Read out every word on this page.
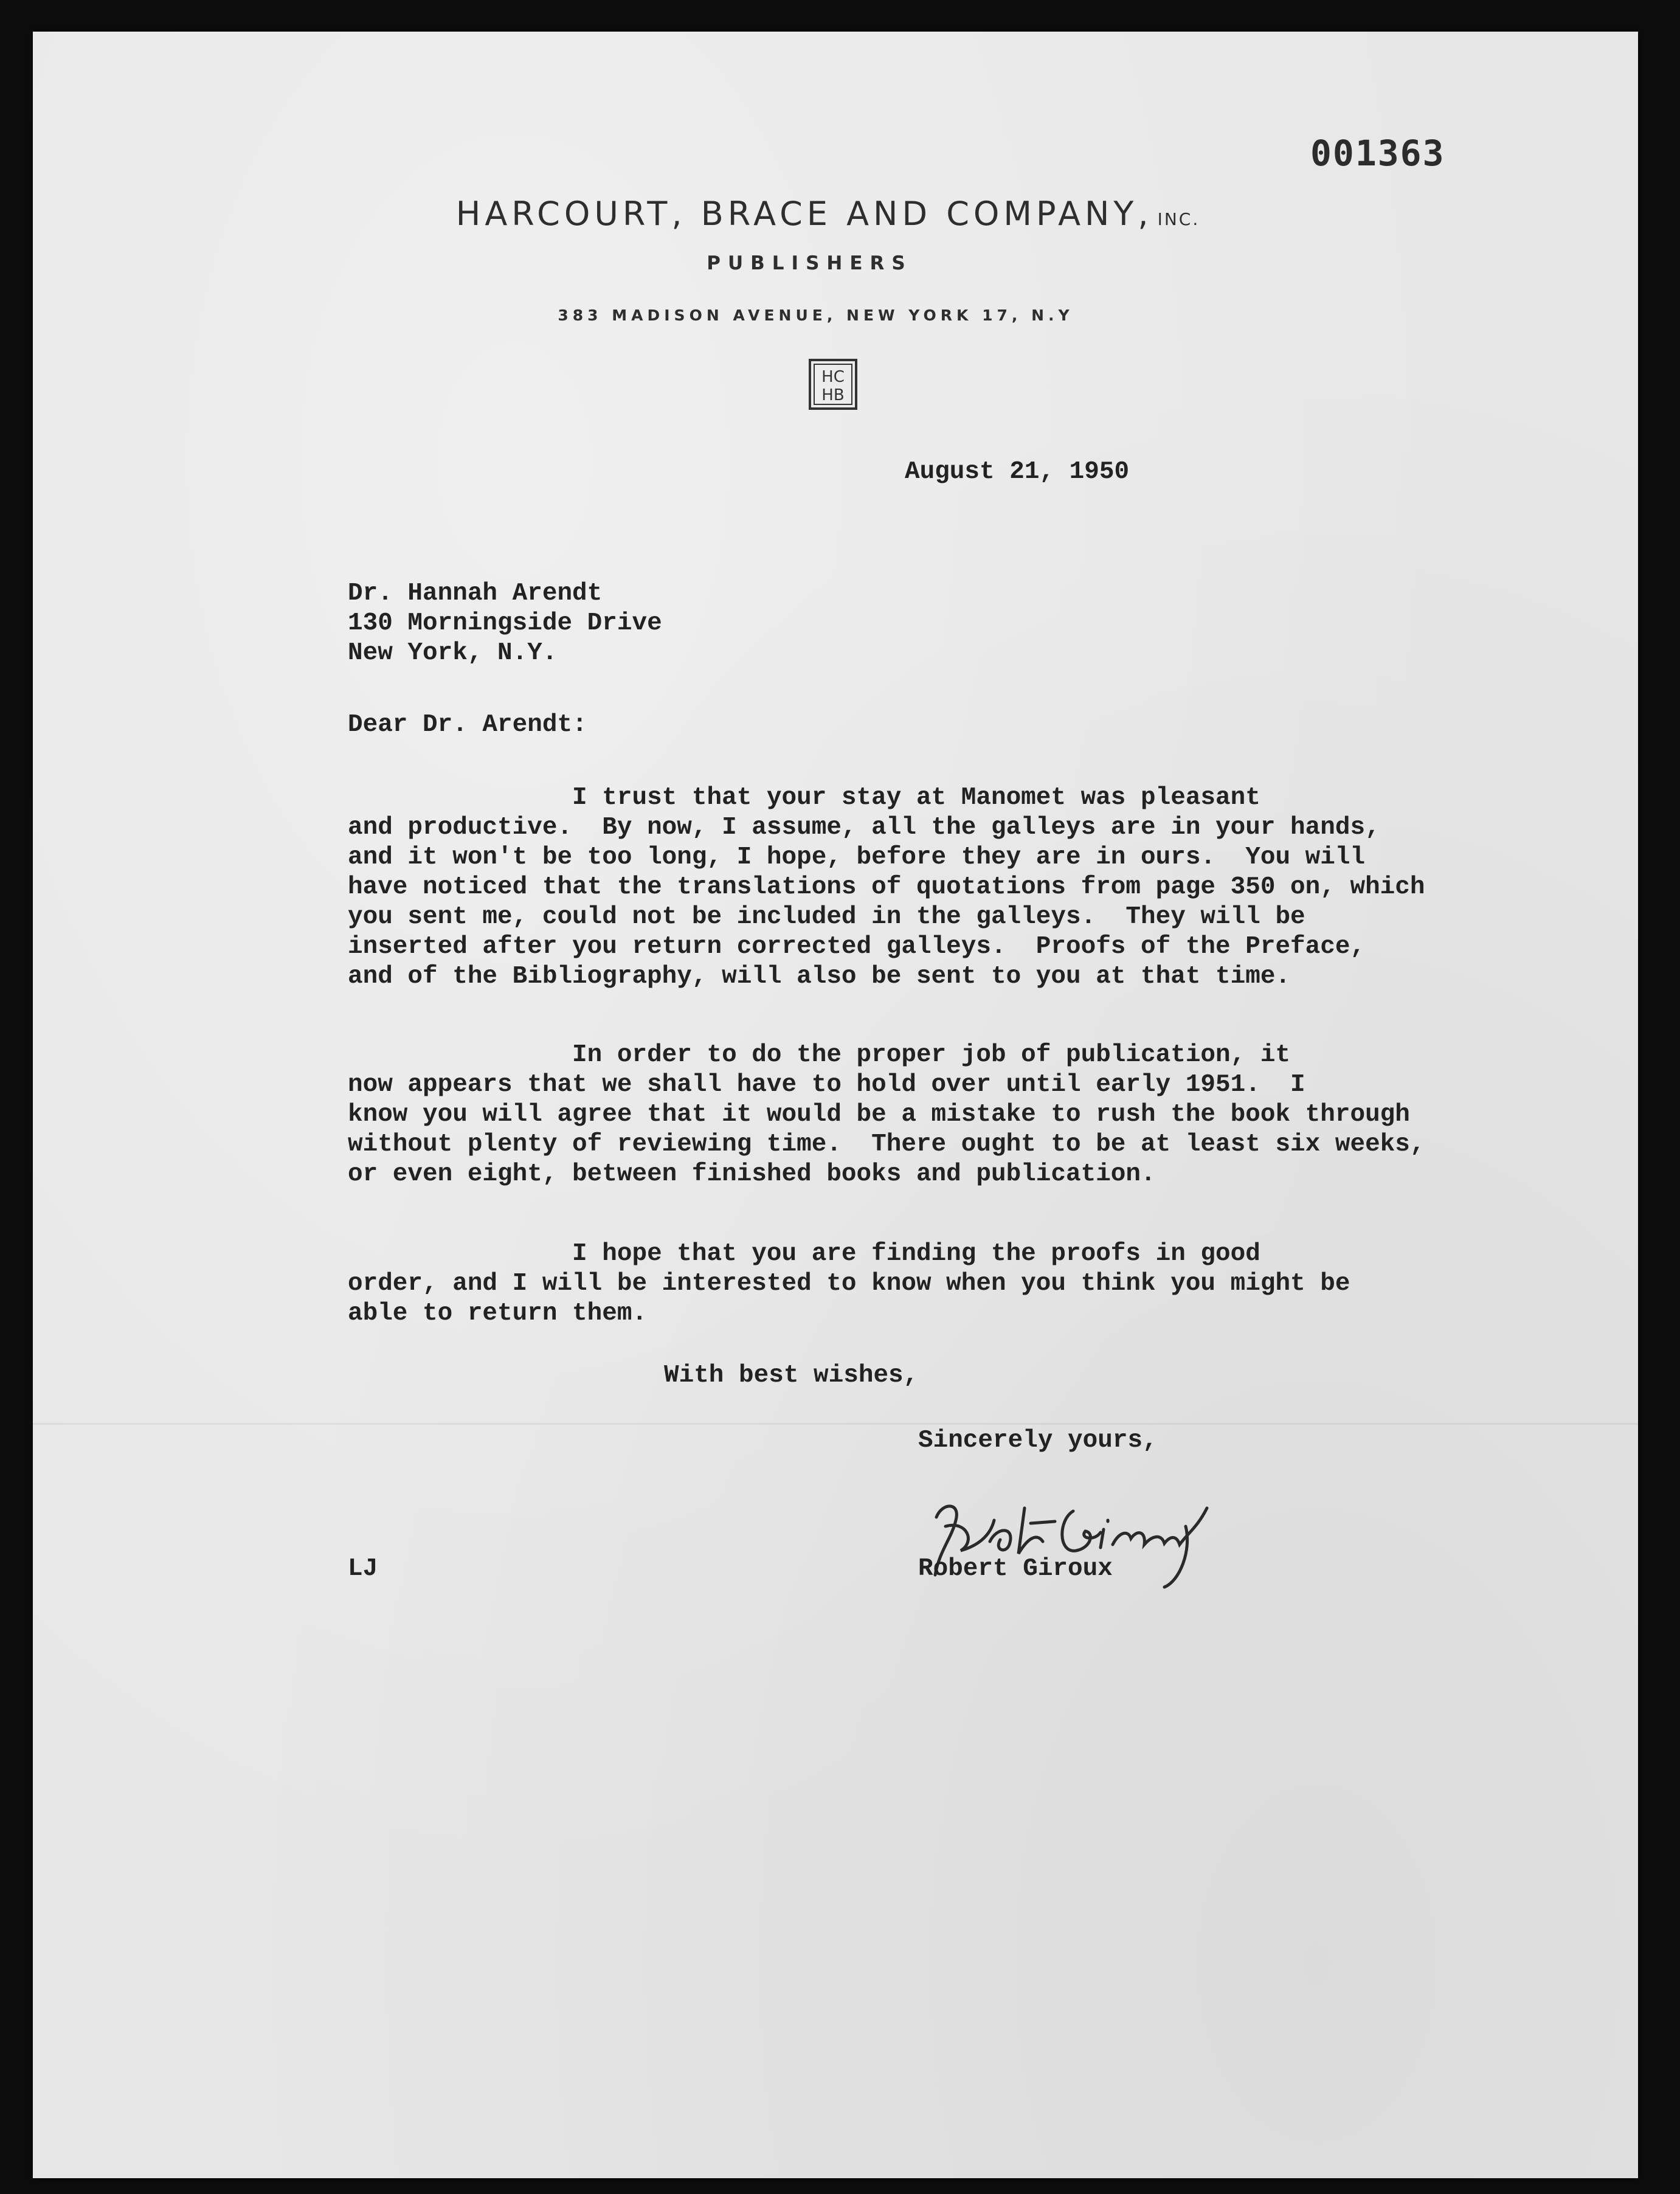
001363
HARCOURT, BRACE AND COMPANY, INC.
PUBLISHERS
383 MADISON AVENUE, NEW YORK 17, N.Y
HC
HB
August 21, 1950
Dr. Hannah Arendt
130 Morningside Drive
New York, N.Y.
Dear Dr. Arendt:
I trust that your stay at Manomet was pleasant
and productive.  By now, I assume, all the galleys are in your hands,
and it won't be too long, I hope, before they are in ours.  You will
have noticed that the translations of quotations from page 350 on, which
you sent me, could not be included in the galleys.  They will be
inserted after you return corrected galleys.  Proofs of the Preface,
and of the Bibliography, will also be sent to you at that time.
In order to do the proper job of publication, it
now appears that we shall have to hold over until early 1951.  I
know you will agree that it would be a mistake to rush the book through
without plenty of reviewing time.  There ought to be at least six weeks,
or even eight, between finished books and publication.
I hope that you are finding the proofs in good
order, and I will be interested to know when you think you might be
able to return them.
With best wishes,
Sincerely yours,
LJ	Robert Giroux
